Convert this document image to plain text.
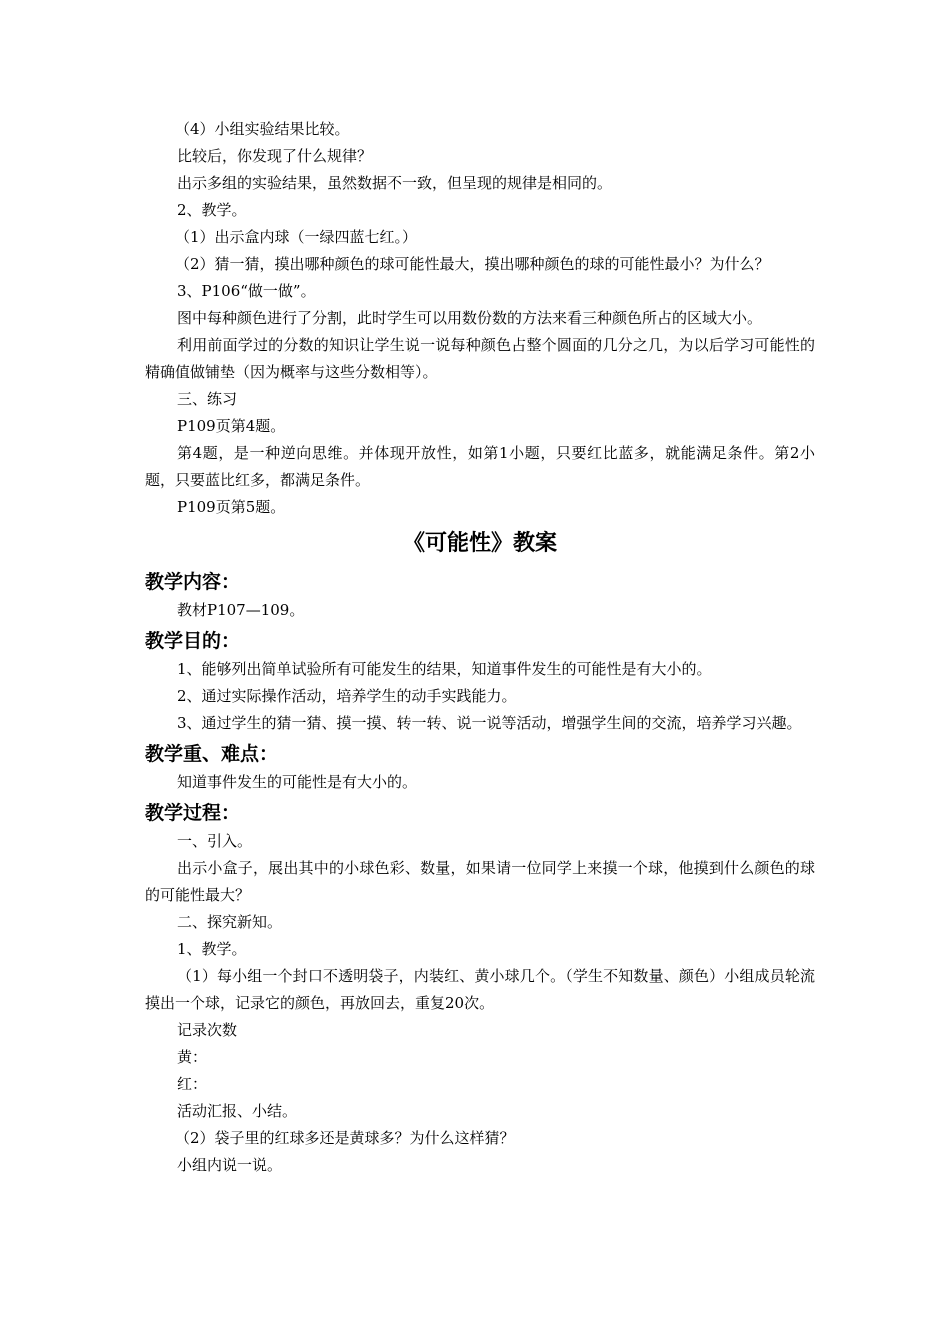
（4）小组实验结果比较。

比较后，你发现了什么规律？

出示多组的实验结果，虽然数据不一致，但呈现的规律是相同的。

2、教学。

（1）出示盒内球（一绿四蓝七红。）

（2）猜一猜，摸出哪种颜色的球可能性最大，摸出哪种颜色的球的可能性最小？为什么？

3、P106“做一做”。

图中每种颜色进行了分割，此时学生可以用数份数的方法来看三种颜色所占的区域大小。

利用前面学过的分数的知识让学生说一说每种颜色占整个圆面的几分之几，为以后学习可能性的精确值做铺垫（因为概率与这些分数相等）。

三、练习

P109页第4题。

第4题，是一种逆向思维。并体现开放性，如第1小题，只要红比蓝多，就能满足条件。第2小题，只要蓝比红多，都满足条件。

P109页第5题。

《可能性》教案
教学内容：

教材P107—109。

教学目的：

1、能够列出简单试验所有可能发生的结果，知道事件发生的可能性是有大小的。

2、通过实际操作活动，培养学生的动手实践能力。

3、通过学生的猜一猜、摸一摸、转一转、说一说等活动，增强学生间的交流，培养学习兴趣。

教学重、难点：

知道事件发生的可能性是有大小的。

教学过程：

一、引入。

出示小盒子，展出其中的小球色彩、数量，如果请一位同学上来摸一个球，他摸到什么颜色的球的可能性最大？

二、探究新知。

1、教学。

（1）每小组一个封口不透明袋子，内装红、黄小球几个。（学生不知数量、颜色）小组成员轮流摸出一个球，记录它的颜色，再放回去，重复20次。

记录次数

黄：

红：

活动汇报、小结。

（2）袋子里的红球多还是黄球多？为什么这样猜？

小组内说一说。
